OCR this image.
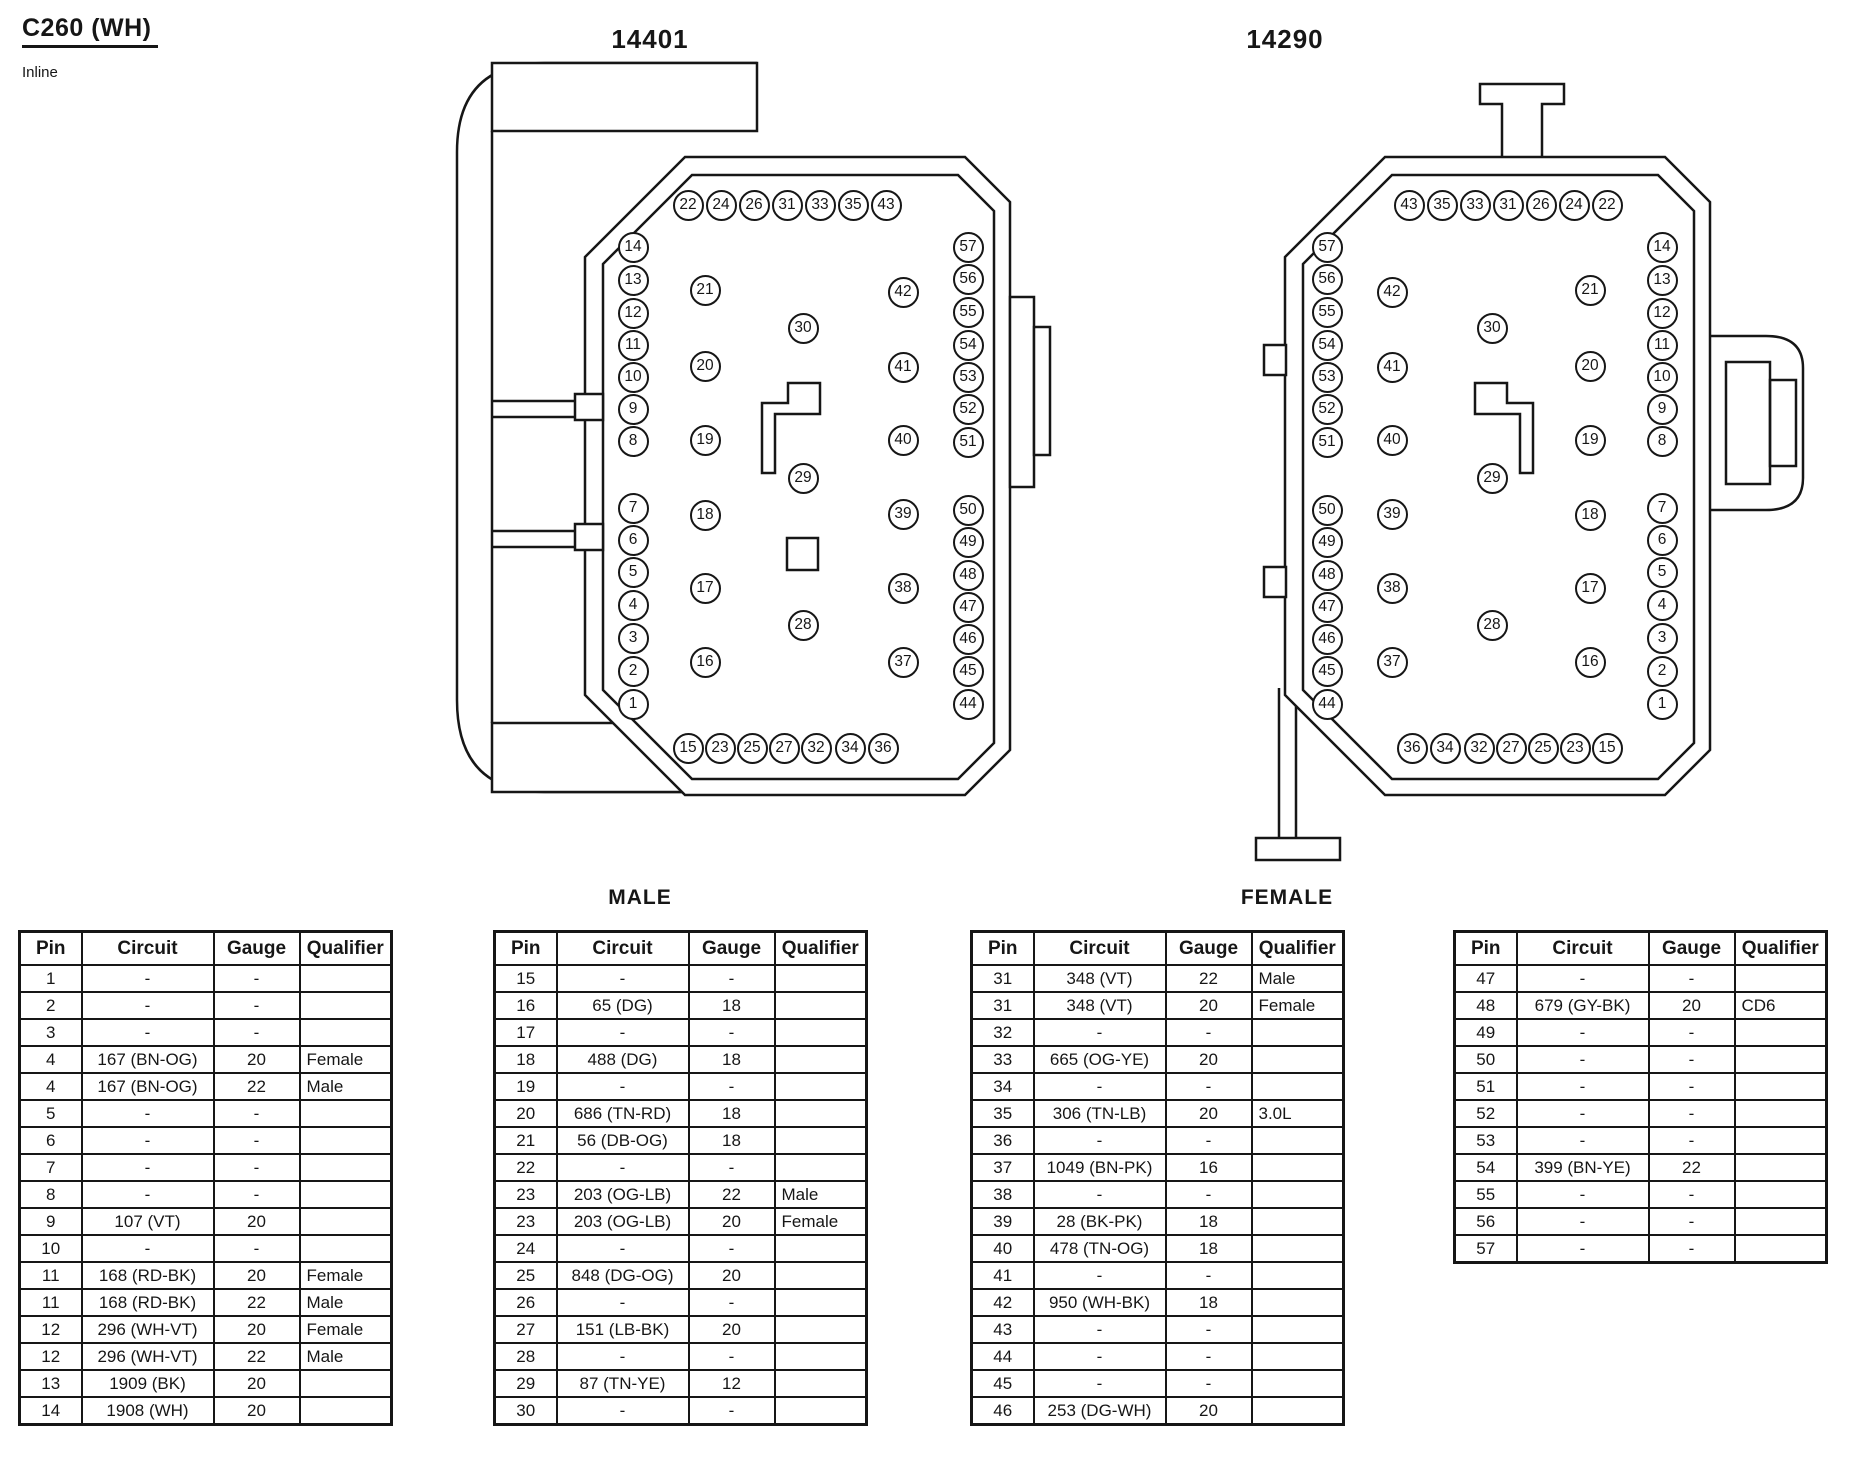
C260 (WH)
Inline
14401	14290
MALE	FEMALE
22	24	26	31	33	35	43
14
13
12
11
10
9
8
7
6
5
4
3
2
1
21
20
19
18
17
16
30
29
28
42
41
40
39
38
37
57
56
55
54
53
52
51
50
49
48
47
46
45
44
15 23 25 27 32	34	36
43	35	33	31	26	24	22
57
56
55
54
53
52
51
50
49
48
47
46
45
44
42
41
40
39
38
37
30
29
28
21
20
19
18
17
16
14
13
12
11
10
9
8
7
6
5
4
3
2
1
36	34	32 27 25 23 15
Pin	Circuit	Gauge	Qualifier
1	-	-	
2	-	-	
3	-	-	
4	167 (BN-OG)	20	Female
4	167 (BN-OG)	22	Male
5	-	-	
6	-	-	
7	-	-	
8	-	-	
9	107 (VT)	20	
10	-	-	
11	168 (RD-BK)	20	Female
11	168 (RD-BK)	22	Male
12	296 (WH-VT)	20	Female
12	296 (WH-VT)	22	Male
13	1909 (BK)	20	
14	1908 (WH)	20	
Pin	Circuit	Gauge	Qualifier
15	-	-	
16	65 (DG)	18	
17	-	-	
18	488 (DG)	18	
19	-	-	
20	686 (TN-RD)	18	
21	56 (DB-OG)	18	
22	-	-	
23	203 (OG-LB)	22	Male
23	203 (OG-LB)	20	Female
24	-	-	
25	848 (DG-OG)	20	
26	-	-	
27	151 (LB-BK)	20	
28	-	-	
29	87 (TN-YE)	12	
30	-	-	
Pin	Circuit	Gauge	Qualifier
31	348 (VT)	22	Male
31	348 (VT)	20	Female
32	-	-	
33	665 (OG-YE)	20	
34	-	-	
35	306 (TN-LB)	20	3.0L
36	-	-	
37	1049 (BN-PK)	16	
38	-	-	
39	28 (BK-PK)	18	
40	478 (TN-OG)	18	
41	-	-	
42	950 (WH-BK)	18	
43	-	-	
44	-	-	
45	-	-	
46	253 (DG-WH)	20	
Pin	Circuit	Gauge	Qualifier
47	-	-	
48	679 (GY-BK)	20	CD6
49	-	-	
50	-	-	
51	-	-	
52	-	-	
53	-	-	
54	399 (BN-YE)	22	
55	-	-	
56	-	-	
57	-	-	
